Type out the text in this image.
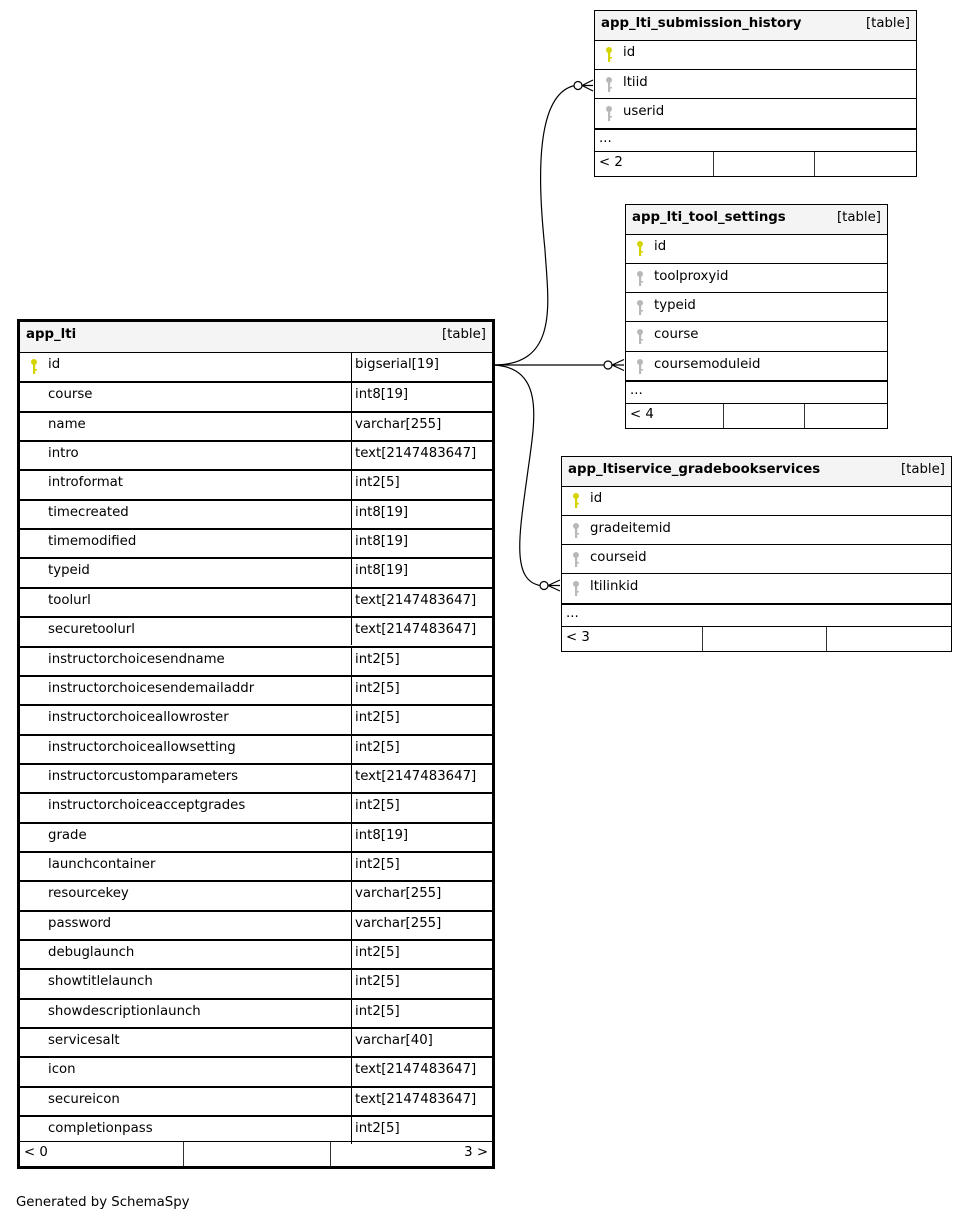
app_lti_submission_history	[table]
id
ltiid
userid
...
< 2
app_lti_tool_settings	[table]
id
toolproxyid
typeid
course
coursemoduleid
...
< 4
app_ltiservice_gradebookservices	[table]
id
gradeitemid
courseid
ltilinkid
...
< 3
app_lti	[table]
id	bigserial[19]
course	int8[19]
name	varchar[255]
intro	text[2147483647]
introformat	int2[5]
timecreated	int8[19]
timemodified	int8[19]
typeid	int8[19]
toolurl	text[2147483647]
securetoolurl	text[2147483647]
instructorchoicesendname	int2[5]
instructorchoicesendemailaddr	int2[5]
instructorchoiceallowroster	int2[5]
instructorchoiceallowsetting	int2[5]
instructorcustomparameters	text[2147483647]
instructorchoiceacceptgrades	int2[5]
grade	int8[19]
launchcontainer	int2[5]
resourcekey	varchar[255]
password	varchar[255]
debuglaunch	int2[5]
showtitlelaunch	int2[5]
showdescriptionlaunch	int2[5]
servicesalt	varchar[40]
icon	text[2147483647]
secureicon	text[2147483647]
completionpass	int2[5]
< 0	3 >
Generated by SchemaSpy
